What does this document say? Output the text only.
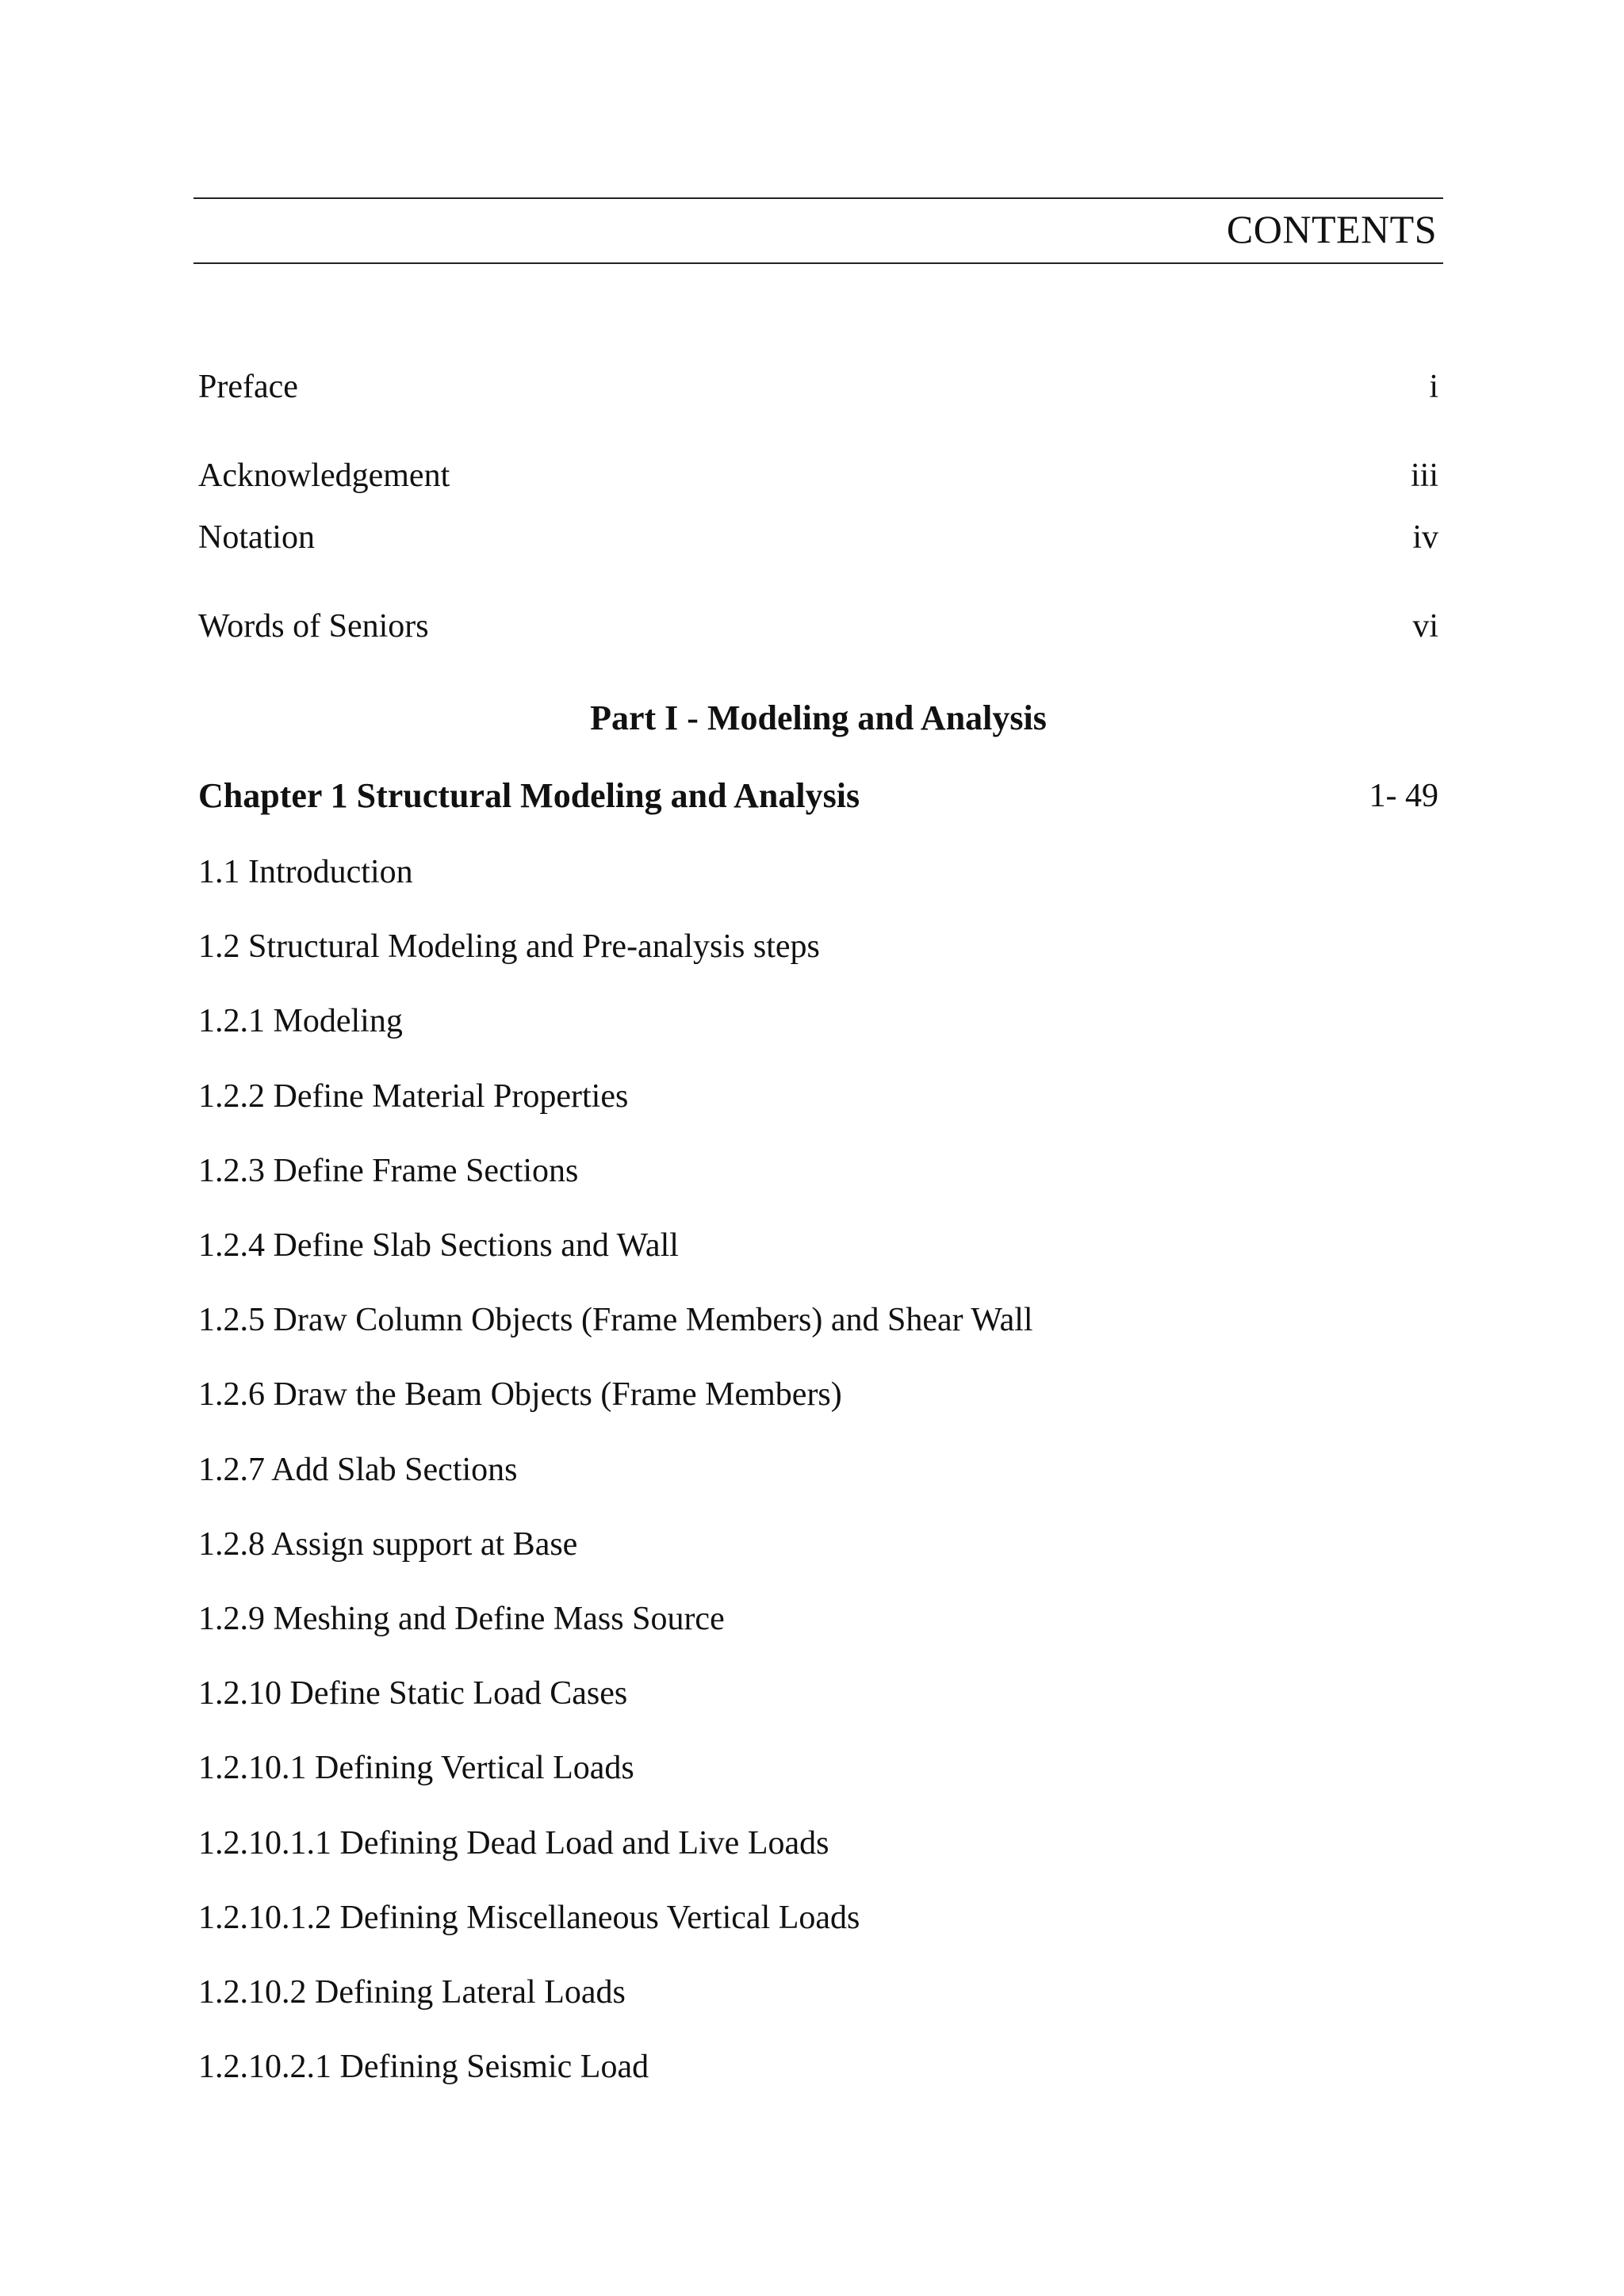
CONTENTS
Preface	i
Acknowledgement	iii
Notation	iv
Words of Seniors	vi
Part I - Modeling and Analysis
Chapter 1 Structural Modeling and Analysis	1- 49
1.1 Introduction
1.2 Structural Modeling and Pre-analysis steps
1.2.1 Modeling
1.2.2 Define Material Properties
1.2.3 Define Frame Sections
1.2.4 Define Slab Sections and Wall
1.2.5 Draw Column Objects (Frame Members) and Shear Wall
1.2.6 Draw the Beam Objects (Frame Members)
1.2.7 Add Slab Sections
1.2.8 Assign support at Base
1.2.9 Meshing and Define Mass Source
1.2.10 Define Static Load Cases
1.2.10.1 Defining Vertical Loads
1.2.10.1.1 Defining Dead Load and Live Loads
1.2.10.1.2 Defining Miscellaneous Vertical Loads
1.2.10.2 Defining Lateral Loads
1.2.10.2.1 Defining Seismic Load
